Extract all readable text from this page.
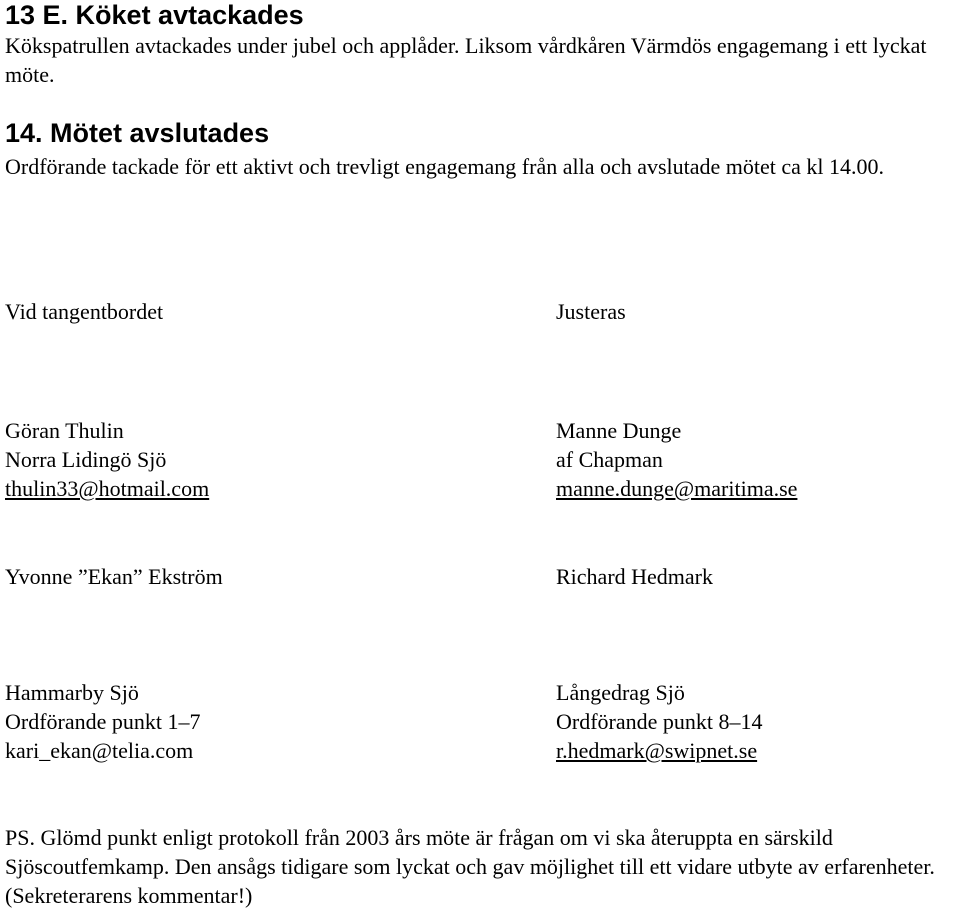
13 E. Köket avtackades
Kökspatrullen avtackades under jubel och applåder. Liksom vårdkåren Värmdös engagemang i ett lyckat möte.
14. Mötet avslutades
Ordförande tackade för ett aktivt och trevligt engagemang från alla och avslutade mötet ca kl 14.00.
Vid tangentbordet	Justeras
Göran Thulin
Norra Lidingö Sjö
thulin33@hotmail.com
Manne Dunge
af Chapman
manne.dunge@maritima.se
Yvonne ”Ekan” Ekström	Richard Hedmark
Hammarby Sjö
Ordförande punkt 1–7
kari_ekan@telia.com
Långedrag Sjö
Ordförande punkt 8–14
r.hedmark@swipnet.se
PS. Glömd punkt enligt protokoll från 2003 års möte är frågan om vi ska återuppta en särskild Sjöscoutfemkamp. Den ansågs tidigare som lyckat och gav möjlighet till ett vidare utbyte av erfarenheter. (Sekreterarens kommentar!)
